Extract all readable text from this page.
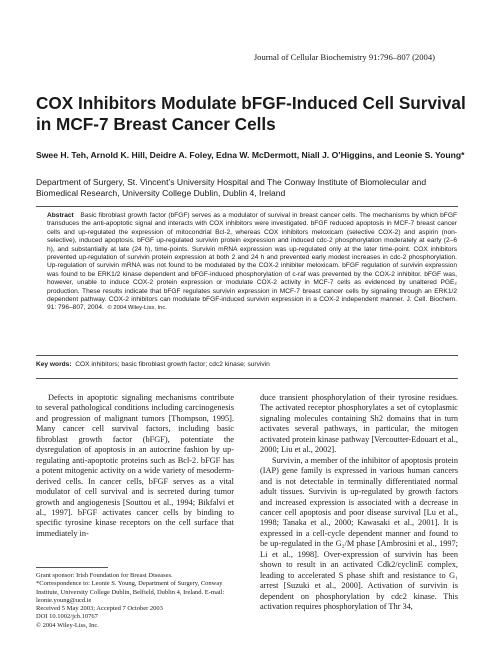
Journal of Cellular Biochemistry 91:796–807 (2004)
COX Inhibitors Modulate bFGF-Induced Cell Survival in MCF-7 Breast Cancer Cells
Swee H. Teh, Arnold K. Hill, Deidre A. Foley, Edna W. McDermott, Niall J. O’Higgins, and Leonie S. Young*
Department of Surgery, St. Vincent’s University Hospital and The Conway Institute of Biomolecular and Biomedical Research, University College Dublin, Dublin 4, Ireland
Abstract Basic fibroblast growth factor (bFGF) serves as a modulator of survival in breast cancer cells. The mechanisms by which bFGF transduces the anti-apoptotic signal and interacts with COX inhibitors were investigated. bFGF reduced apoptosis in MCF-7 breast cancer cells and up-regulated the expression of mitocondrial Bcl-2, whereas COX inhibitors meloxicam (selective COX-2) and aspirin (non-selective), induced apoptosis. bFGF up-regulated survivin protein expression and induced cdc-2 phosphorylation moderately at early (2–6 h), and substantially at late (24 h), time-points. Survivin mRNA expression was up-regulated only at the later time-point. COX inhibitors prevented up-regulation of survivin protein expression at both 2 and 24 h and prevented early modest increases in cdc-2 phosphorylation. Up-regulation of survivin mRNA was not found to be modulated by the COX-2 inhibiter meloxicam. bFGF regulation of survivin expression was found to be ERK1/2 kinase dependent and bFGF-induced phosphorylation of c-raf was prevented by the COX-2 inhibitor. bFGF was, however, unable to induce COX-2 protein expression or modulate COX-2 activity in MCF-7 cells as evidenced by unaltered PGE₂ production. These results indicate that bFGF regulates survivin expression in MCF-7 breast cancer cells by signaling through an ERK1/2 dependent pathway. COX-2 inhibitors can modulate bFGF-induced survivin expression in a COX-2 independent manner. J. Cell. Biochem. 91: 796–807, 2004. © 2004 Wiley-Liss, Inc.
Key words: COX inhibitors; basic fibroblast growth factor; cdc2 kinase; survivin

Defects in apoptotic signaling mechanisms contribute to several pathological conditions including carcinogenesis and progression of malignant tumors [Thompson, 1995]. Many cancer cell survival factors, including basic fibroblast growth factor (bFGF), potentiate the dysregulation of apoptosis in an autocrine fashion by up-regulating anti-apoptotic proteins such as Bcl-2. bFGF has a potent mitogenic activity on a wide variety of mesoderm-derived cells. In cancer cells, bFGF serves as a vital modulator of cell survival and is secreted during tumor growth and angiogenesis [Souttou et al., 1994; Bikfalvi et al., 1997]. bFGF activates cancer cells by binding to specific tyrosine kinase receptors on the cell surface that immediately in-

duce transient phosphorylation of their tyrosine residues. The activated receptor phosphorylates a set of cytoplasmic signaling molecules containing Sh2 domains that in turn activates several pathways, in particular, the mitogen activated protein kinase pathway [Vercoutter-Edouart et al., 2000; Liu et al., 2002].

Survivin, a member of the inhibitor of apoptosis protein (IAP) gene family is expressed in various human cancers and is not detectable in terminally differentiated normal adult tissues. Survivin is up-regulated by growth factors and increased expression is associated with a decrease in cancer cell apoptosis and poor disease survival [Lu et al., 1998; Tanaka et al., 2000; Kawasaki et al., 2001]. It is expressed in a cell-cycle dependent manner and found to be up-regulated in the G₂/M phase [Ambrosini et al., 1997; Li et al., 1998]. Over-expression of survivin has been shown to result in an activated Cdk2/cyclinE complex, leading to accelerated S phase shift and resistance to G₁ arrest [Suzuki et al., 2000]. Activation of survivin is dependent on phosphorylation by cdc2 kinase. This activation requires phosphorylation of Thr 34,

Grant sponsor: Irish Foundation for Breast Diseases.
*Correspondence to: Leonie S. Young, Department of Surgery, Conway Institute, University College Dublin, Belfield, Dublin 4, Ireland. E-mail: leonie.young@ucd.ie
Received 5 May 2003; Accepted 7 October 2003
DOI 10.1002/jcb.10767
© 2004 Wiley-Liss, Inc.
